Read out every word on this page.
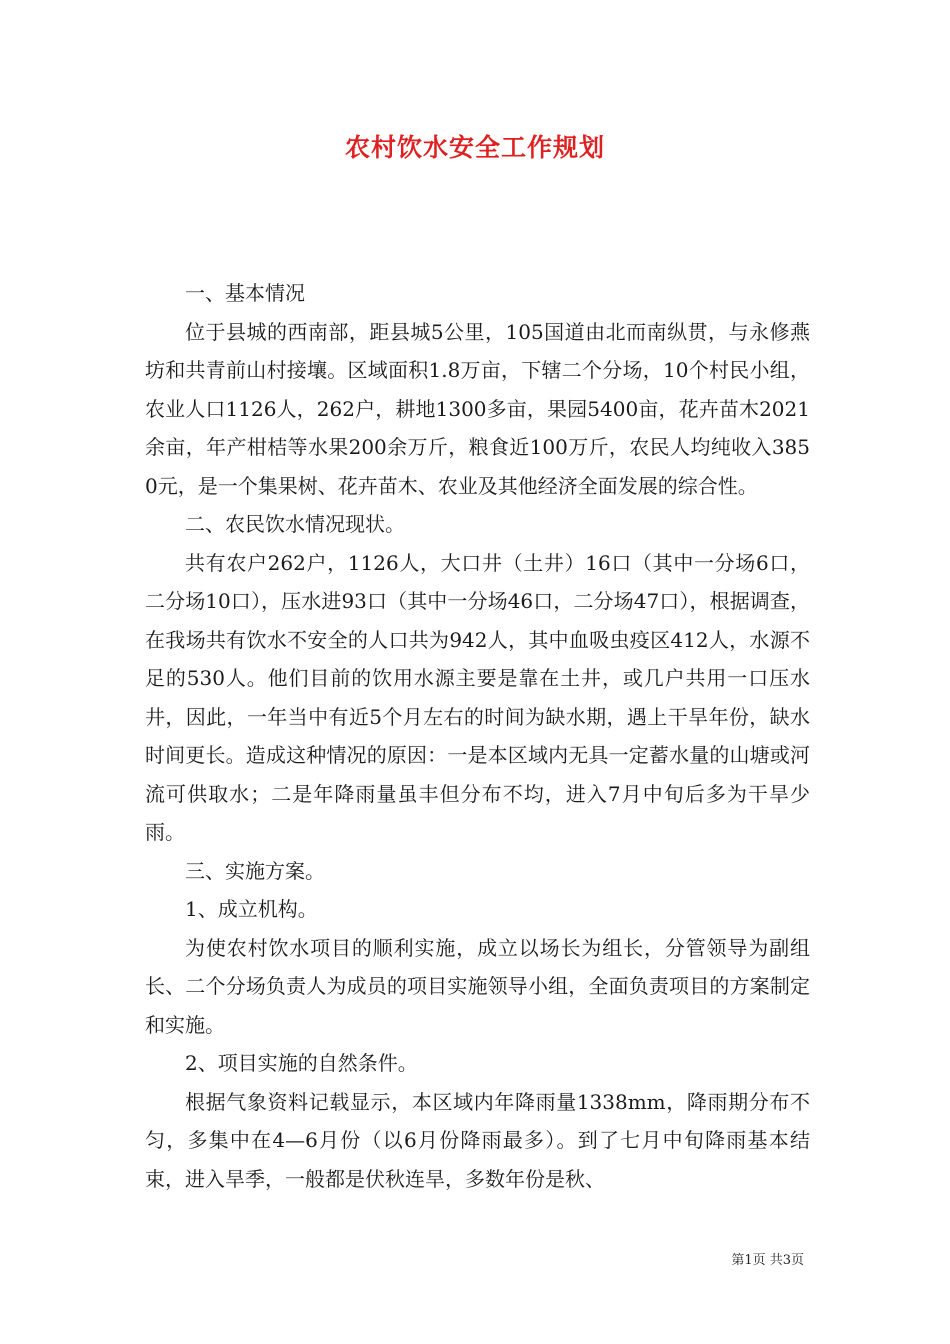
农村饮水安全工作规划

一、基本情况

位于县城的西南部，距县城5公里，105国道由北而南纵贯，与永修燕坊和共青前山村接壤。区域面积1.8万亩，下辖二个分场，10个村民小组，农业人口1126人，262户，耕地1300多亩，果园5400亩，花卉苗木2021余亩，年产柑桔等水果200余万斤，粮食近100万斤，农民人均纯收入3850元，是一个集果树、花卉苗木、农业及其他经济全面发展的综合性。

二、农民饮水情况现状。

共有农户262户，1126人，大口井（土井）16口（其中一分场6口，二分场10口），压水进93口（其中一分场46口，二分场47口），根据调查，在我场共有饮水不安全的人口共为942人，其中血吸虫疫区412人，水源不足的530人。他们目前的饮用水源主要是靠在土井，或几户共用一口压水井，因此，一年当中有近5个月左右的时间为缺水期，遇上干旱年份，缺水时间更长。造成这种情况的原因：一是本区域内无具一定蓄水量的山塘或河流可供取水；二是年降雨量虽丰但分布不均，进入7月中旬后多为干旱少雨。

三、实施方案。

1、成立机构。

为使农村饮水项目的顺利实施，成立以场长为组长，分管领导为副组长、二个分场负责人为成员的项目实施领导小组，全面负责项目的方案制定和实施。

2、项目实施的自然条件。

根据气象资料记载显示，本区域内年降雨量1338mm，降雨期分布不匀，多集中在4—6月份（以6月份降雨最多）。到了七月中旬降雨基本结束，进入旱季，一般都是伏秋连旱，多数年份是秋、

第1页 共3页
